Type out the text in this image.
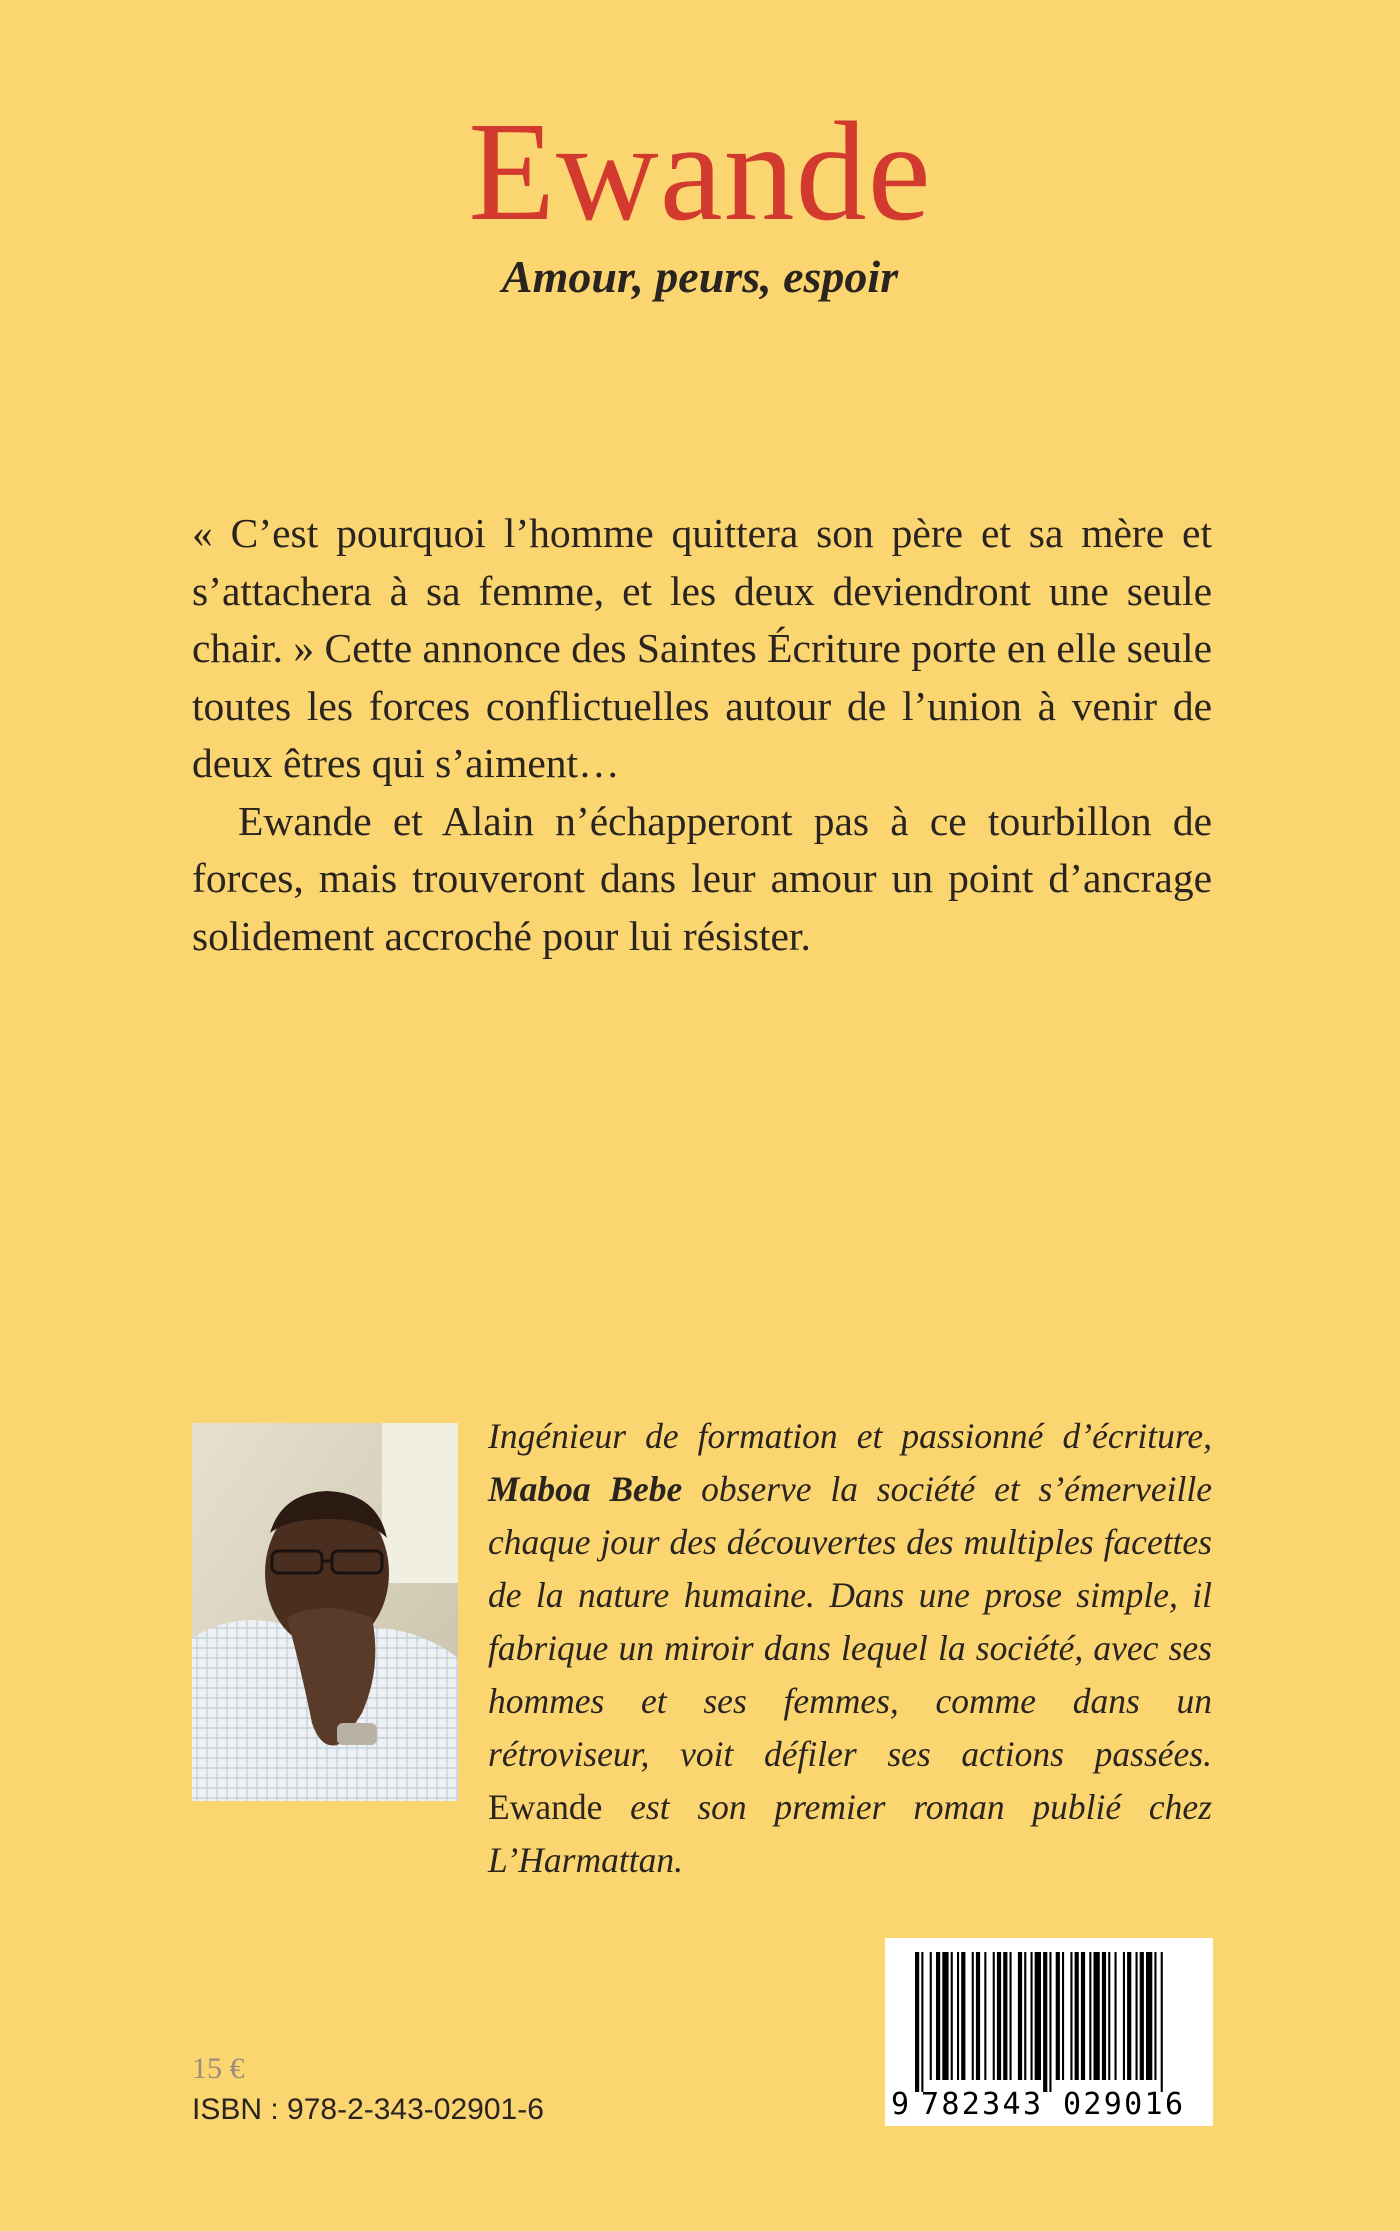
Ewande
Amour, peurs, espoir

« C’est pourquoi l’homme quittera son père et sa mère et s’attachera à sa femme, et les deux deviendront une seule chair. » Cette annonce des Saintes Écriture porte en elle seule toutes les forces conflictuelles autour de l’union à venir de deux êtres qui s’aiment…

Ewande et Alain n’échapperont pas à ce tourbillon de forces, mais trouveront dans leur amour un point d’ancrage solidement accroché pour lui résister.

Ingénieur de formation et passionné d’écriture, Maboa Bebe observe la société et s’émerveille chaque jour des découvertes des multiples facettes de la nature humaine. Dans une prose simple, il fabrique un miroir dans lequel la société, avec ses hommes et ses femmes, comme dans un rétroviseur, voit défiler ses actions passées. Ewande est son premier roman publié chez L’Harmattan.
15 €
ISBN : 978-2-343-02901-6	9 782343 029016
